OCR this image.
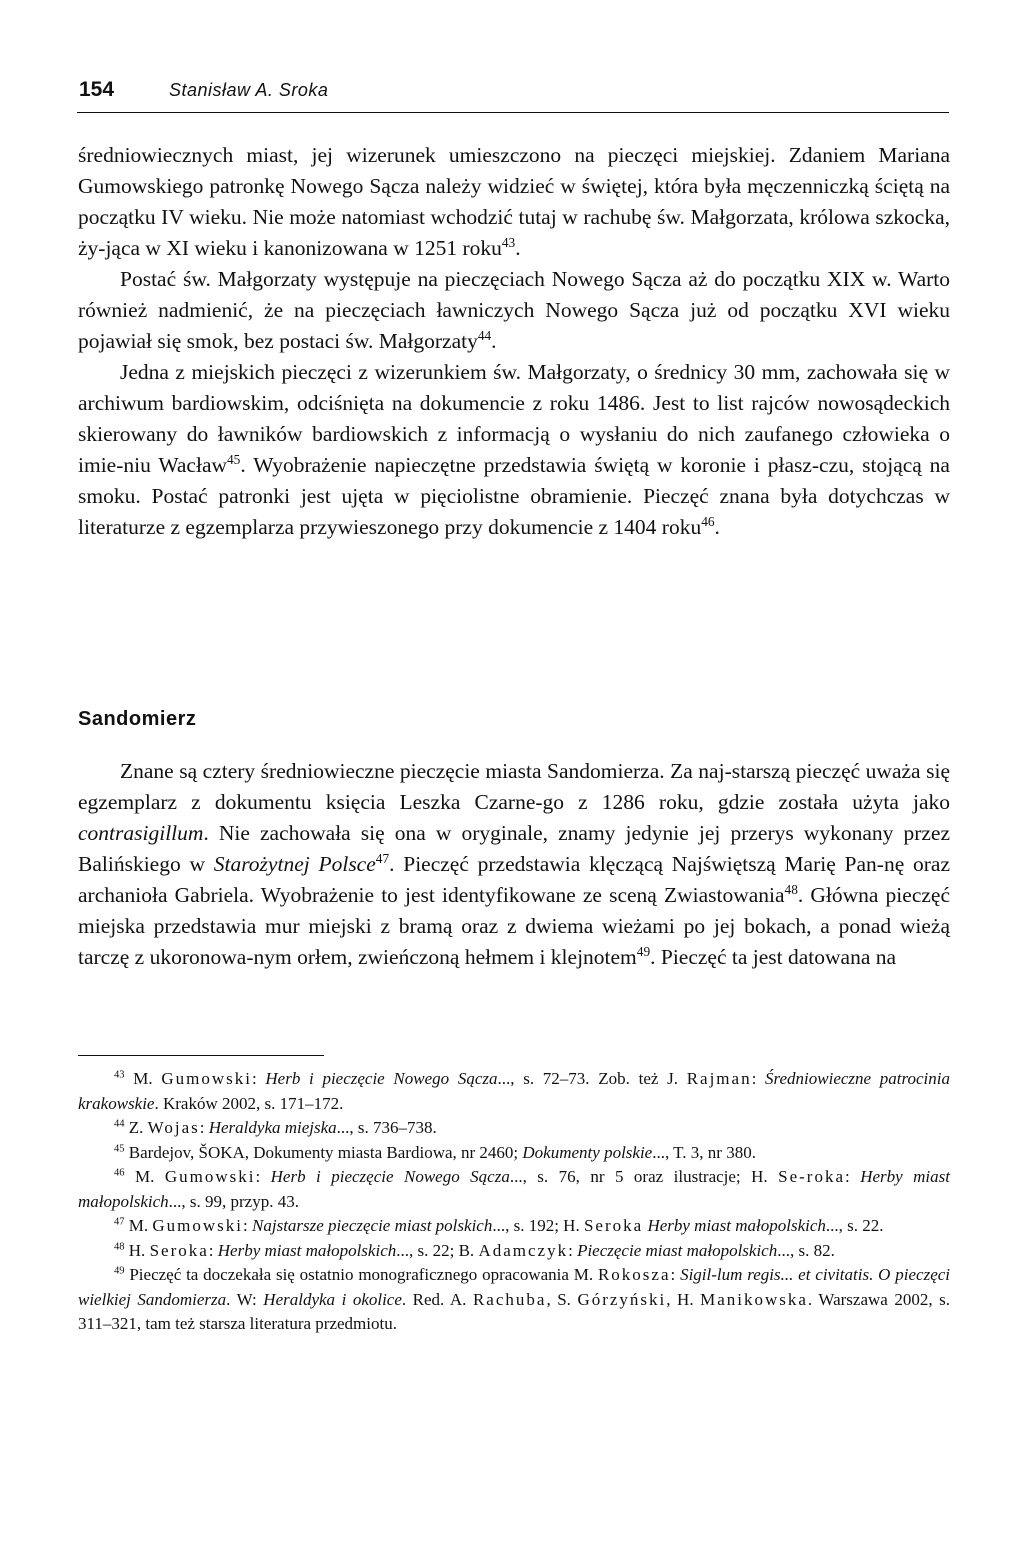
154	Stanisław A. Sroka

średniowiecznych miast, jej wizerunek umieszczono na pieczęci miejskiej. Zdaniem Mariana Gumowskiego patronkę Nowego Sącza należy widzieć w świętej, która była męczenniczką ściętą na początku IV wieku. Nie może natomiast wchodzić tutaj w rachubę św. Małgorzata, królowa szkocka, ży-jąca w XI wieku i kanonizowana w 1251 roku$^{43}$.

Postać św. Małgorzaty występuje na pieczęciach Nowego Sącza aż do początku XIX w. Warto również nadmienić, że na pieczęciach ławniczych Nowego Sącza już od początku XVI wieku pojawiał się smok, bez postaci św. Małgorzaty$^{44}$.

Jedna z miejskich pieczęci z wizerunkiem św. Małgorzaty, o średnicy 30 mm, zachowała się w archiwum bardiowskim, odciśnięta na dokumencie z roku 1486. Jest to list rajców nowosądeckich skierowany do ławników bardiowskich z informacją o wysłaniu do nich zaufanego człowieka o imie-niu Wacław$^{45}$. Wyobrażenie napieczętne przedstawia świętą w koronie i płasz-czu, stojącą na smoku. Postać patronki jest ujęta w pięciolistne obramienie. Pieczęć znana była dotychczas w literaturze z egzemplarza przywieszonego przy dokumencie z 1404 roku$^{46}$.

Sandomierz

Znane są cztery średniowieczne pieczęcie miasta Sandomierza. Za naj-starszą pieczęć uważa się egzemplarz z dokumentu księcia Leszka Czarne-go z 1286 roku, gdzie została użyta jako contrasigillum. Nie zachowała się ona w oryginale, znamy jedynie jej przerys wykonany przez Balińskiego w Starożytnej Polsce$^{47}$. Pieczęć przedstawia klęczącą Najświętszą Marię Pan-nę oraz archanioła Gabriela. Wyobrażenie to jest identyfikowane ze sceną Zwiastowania$^{48}$. Główna pieczęć miejska przedstawia mur miejski z bramą oraz z dwiema wieżami po jej bokach, a ponad wieżą tarczę z ukoronowa-nym orłem, zwieńczoną hełmem i klejnotem$^{49}$. Pieczęć ta jest datowana na

$^{43}$ M. Gumowski: Herb i pieczęcie Nowego Sącza..., s. 72–73. Zob. też J. Rajman: Średniowieczne patrocinia krakowskie. Kraków 2002, s. 171–172.

$^{44}$ Z. Wojas: Heraldyka miejska..., s. 736–738.

$^{45}$ Bardejov, ŠOKA, Dokumenty miasta Bardiowa, nr 2460; Dokumenty polskie..., T. 3, nr 380.

$^{46}$ M. Gumowski: Herb i pieczęcie Nowego Sącza..., s. 76, nr 5 oraz ilustracje; H. Se-roka: Herby miast małopolskich..., s. 99, przyp. 43.

$^{47}$ M. Gumowski: Najstarsze pieczęcie miast polskich..., s. 192; H. Seroka Herby miast małopolskich..., s. 22.

$^{48}$ H. Seroka: Herby miast małopolskich..., s. 22; B. Adamczyk: Pieczęcie miast małopolskich..., s. 82.

$^{49}$ Pieczęć ta doczekała się ostatnio monograficznego opracowania M. Rokosza: Sigil-lum regis... et civitatis. O pieczęci wielkiej Sandomierza. W: Heraldyka i okolice. Red. A. Rachuba, S. Górzyński, H. Manikowska. Warszawa 2002, s. 311–321, tam też starsza literatura przedmiotu.
